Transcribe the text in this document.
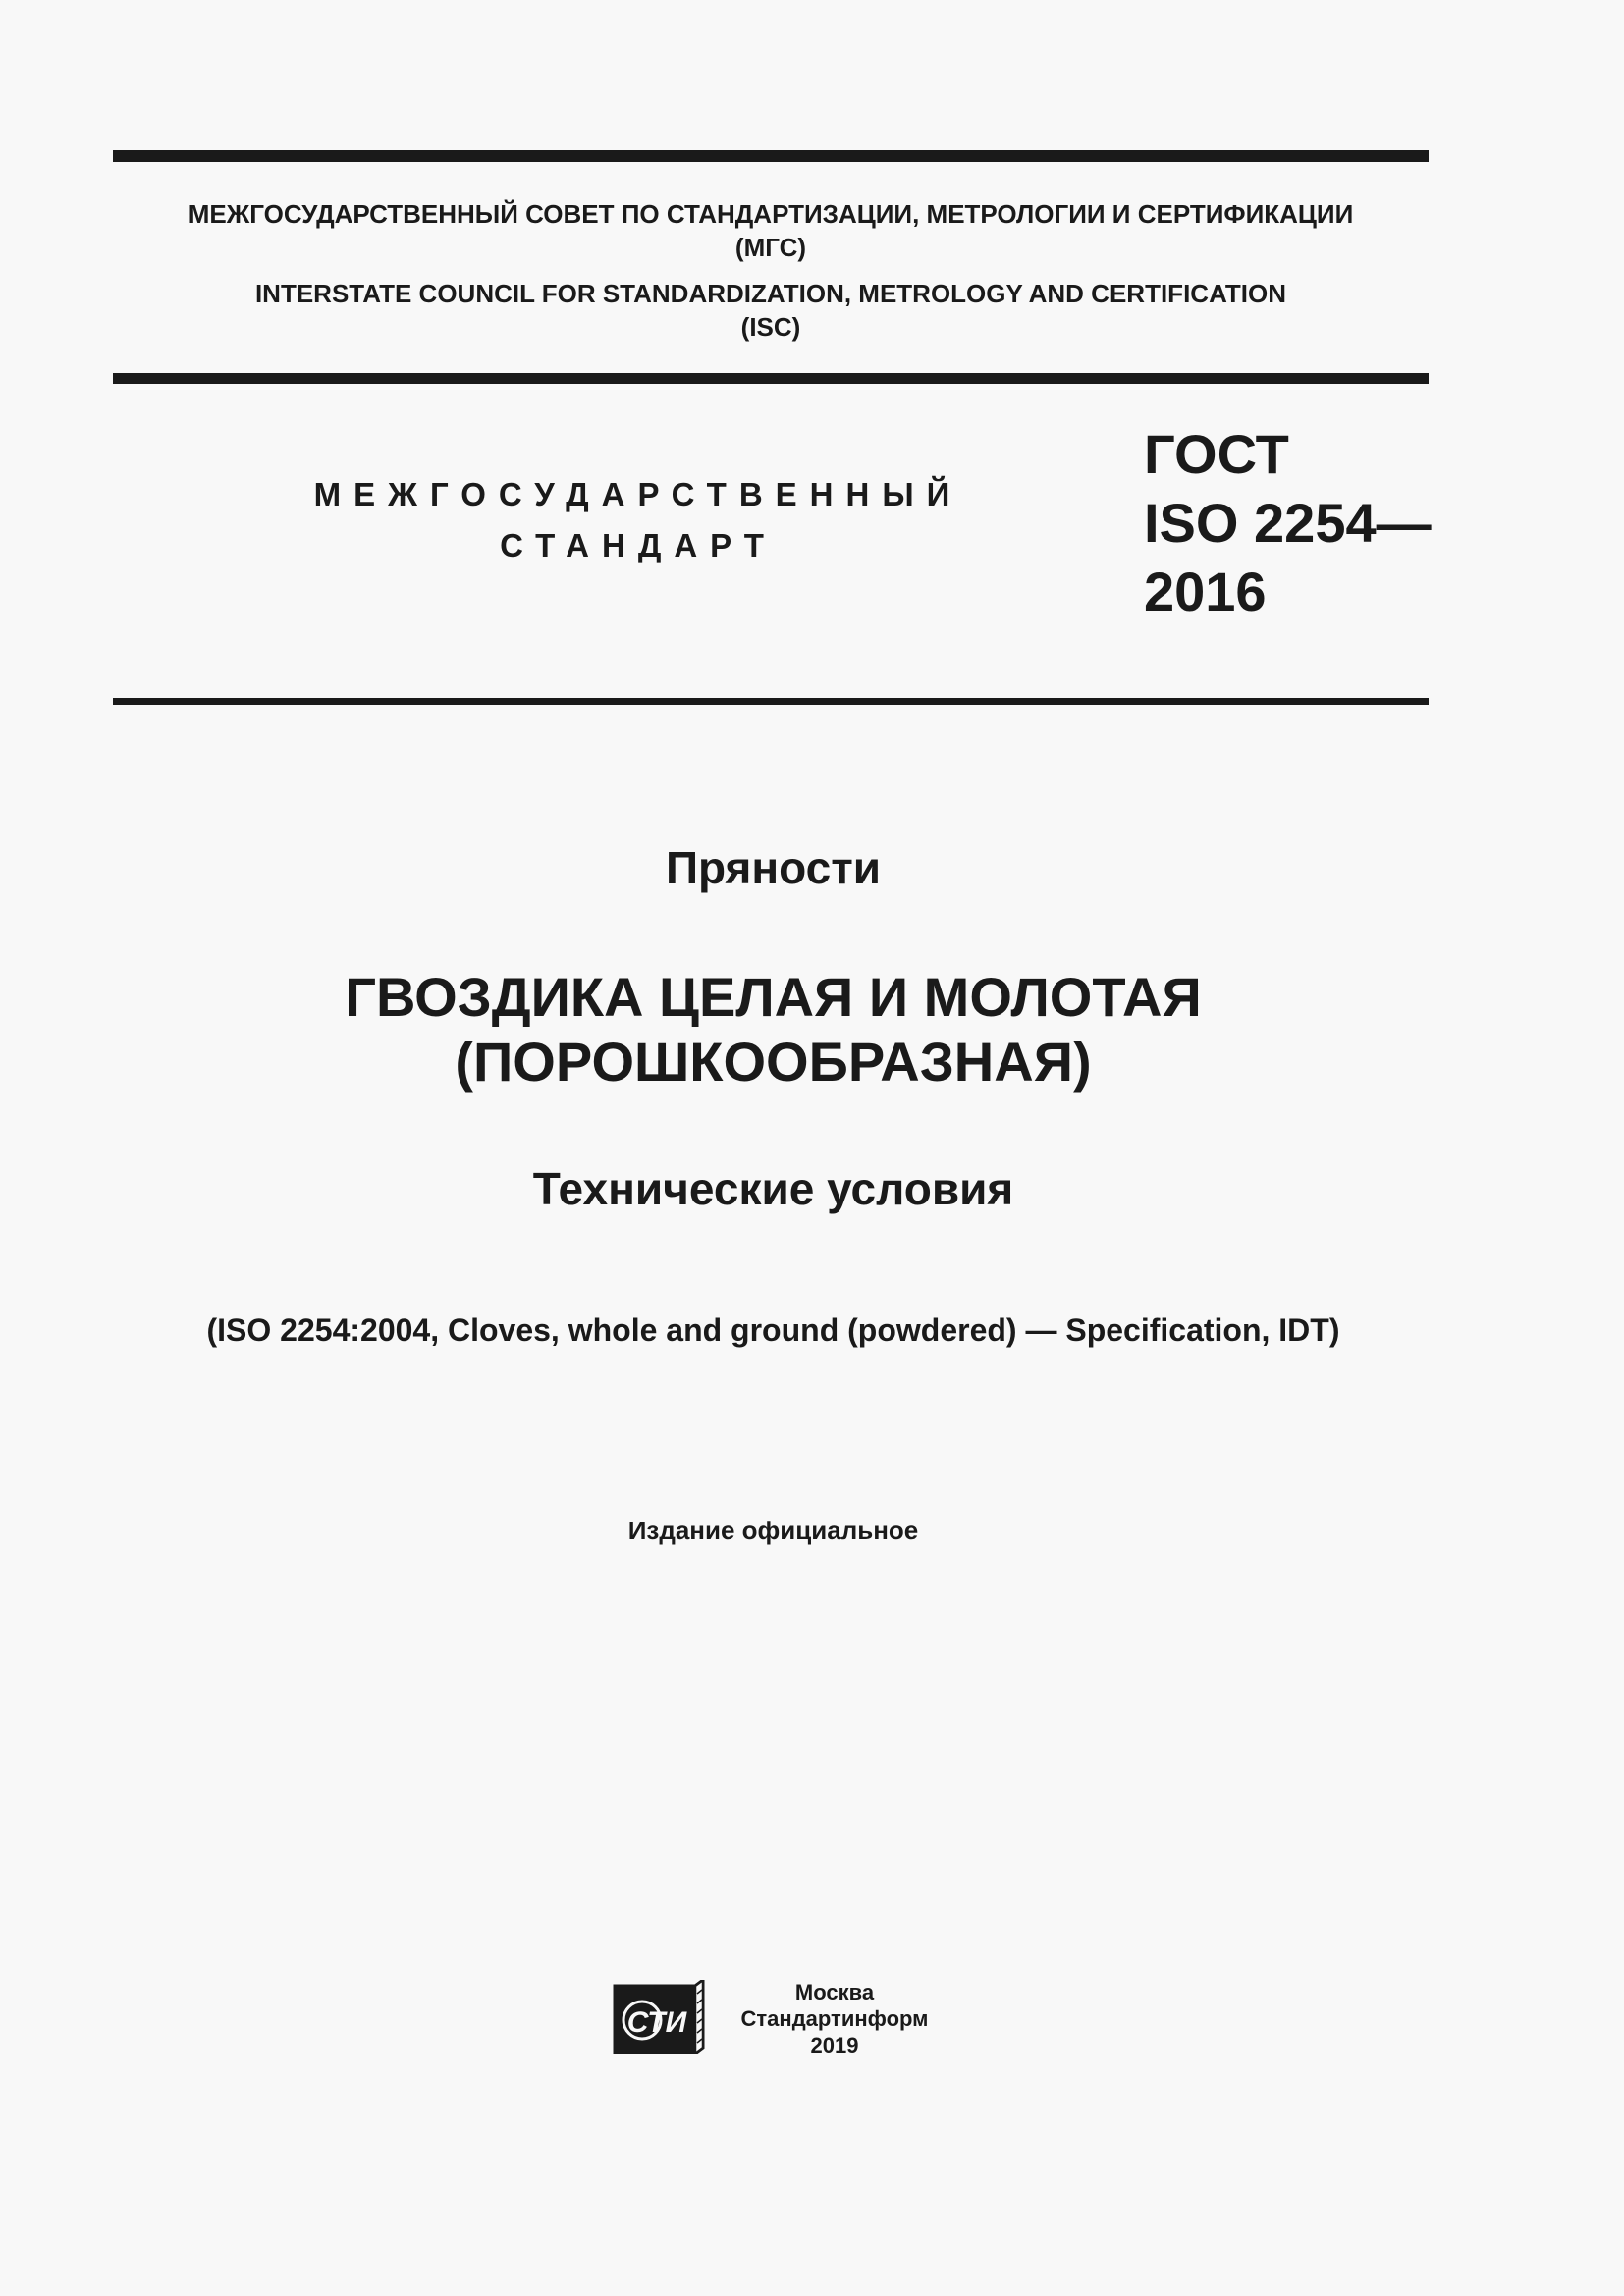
МЕЖГОСУДАРСТВЕННЫЙ СОВЕТ ПО СТАНДАРТИЗАЦИИ, МЕТРОЛОГИИ И СЕРТИФИКАЦИИ
(МГС)
INTERSTATE COUNCIL FOR STANDARDIZATION, METROLOGY AND CERTIFICATION
(ISC)
МЕЖГОСУДАРСТВЕННЫЙ
СТАНДАРТ
ГОСТ
ISO 2254—
2016
Пряности
ГВОЗДИКА ЦЕЛАЯ И МОЛОТАЯ
(ПОРОШКООБРАЗНАЯ)
Технические условия
(ISO 2254:2004, Cloves, whole and ground (powdered) — Specification, IDT)
Издание официальное
СТИ
Москва
Стандартинформ
2019
